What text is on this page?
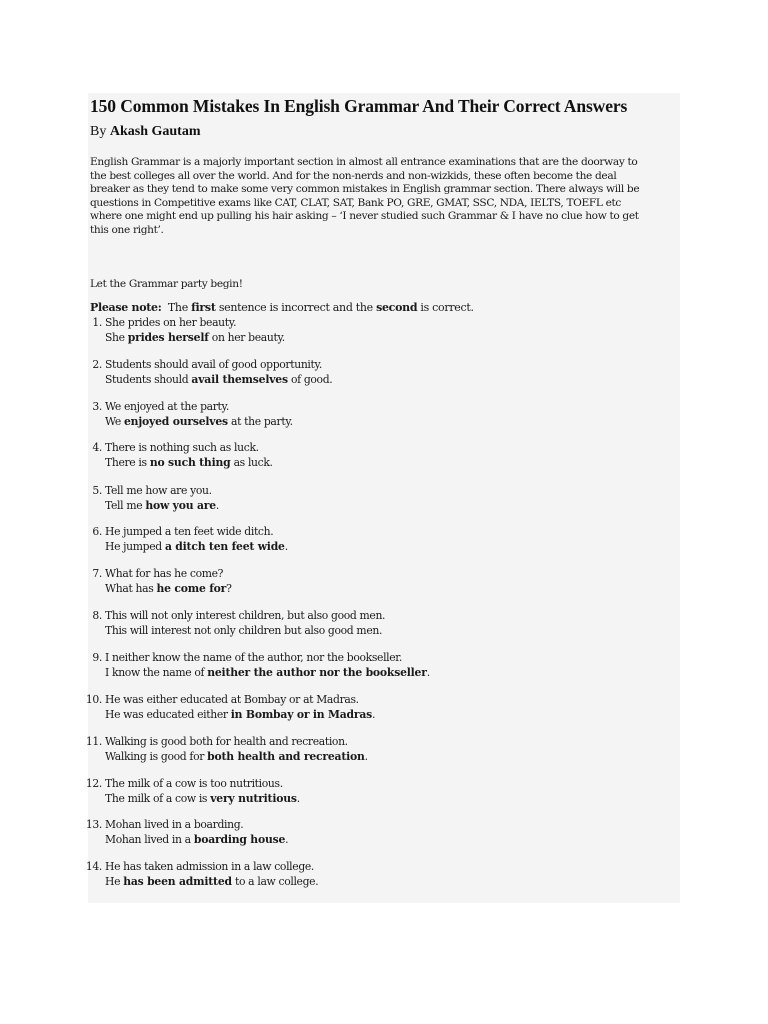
150 Common Mistakes In English Grammar And Their Correct Answers
By Akash Gautam

English Grammar is a majorly important section in almost all entrance examinations that are the doorway to
the best colleges all over the world. And for the non-nerds and non-wizkids, these often become the deal
breaker as they tend to make some very common mistakes in English grammar section. There always will be
questions in Competitive exams like CAT, CLAT, SAT, Bank PO, GRE, GMAT, SSC, NDA, IELTS, TOEFL etc
where one might end up pulling his hair asking – ‘I never studied such Grammar & I have no clue how to get
this one right’.

Let the Grammar party begin!
Please note: The first sentence is incorrect and the second is correct.
1. She prides on her beauty.
She prides herself on her beauty.
2. Students should avail of good opportunity.
Students should avail themselves of good.
3. We enjoyed at the party.
We enjoyed ourselves at the party.
4. There is nothing such as luck.
There is no such thing as luck.
5. Tell me how are you.
Tell me how you are.
6. He jumped a ten feet wide ditch.
He jumped a ditch ten feet wide.
7. What for has he come?
What has he come for?
8. This will not only interest children, but also good men.
This will interest not only children but also good men.
9. I neither know the name of the author, nor the bookseller.
I know the name of neither the author nor the bookseller.
10. He was either educated at Bombay or at Madras.
He was educated either in Bombay or in Madras.
11. Walking is good both for health and recreation.
Walking is good for both health and recreation.
12. The milk of a cow is too nutritious.
The milk of a cow is very nutritious.
13. Mohan lived in a boarding.
Mohan lived in a boarding house.
14. He has taken admission in a law college.
He has been admitted to a law college.
